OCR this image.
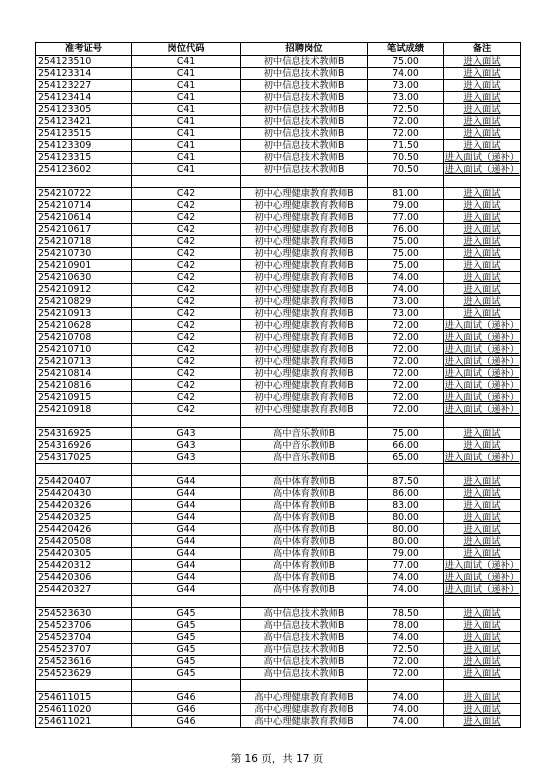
准考证号	岗位代码	招聘岗位	笔试成绩	备注
254123510	C41	初中信息技术教师B	75.00	进入面试
254123314	C41	初中信息技术教师B	74.00	进入面试
254123227	C41	初中信息技术教师B	73.00	进入面试
254123414	C41	初中信息技术教师B	73.00	进入面试
254123305	C41	初中信息技术教师B	72.50	进入面试
254123421	C41	初中信息技术教师B	72.00	进入面试
254123515	C41	初中信息技术教师B	72.00	进入面试
254123309	C41	初中信息技术教师B	71.50	进入面试
254123315	C41	初中信息技术教师B	70.50	进入面试（递补）
254123602	C41	初中信息技术教师B	70.50	进入面试（递补）

254210722	C42	初中心理健康教育教师B	81.00	进入面试
254210714	C42	初中心理健康教育教师B	79.00	进入面试
254210614	C42	初中心理健康教育教师B	77.00	进入面试
254210617	C42	初中心理健康教育教师B	76.00	进入面试
254210718	C42	初中心理健康教育教师B	75.00	进入面试
254210730	C42	初中心理健康教育教师B	75.00	进入面试
254210901	C42	初中心理健康教育教师B	75.00	进入面试
254210630	C42	初中心理健康教育教师B	74.00	进入面试
254210912	C42	初中心理健康教育教师B	74.00	进入面试
254210829	C42	初中心理健康教育教师B	73.00	进入面试
254210913	C42	初中心理健康教育教师B	73.00	进入面试
254210628	C42	初中心理健康教育教师B	72.00	进入面试（递补）
254210708	C42	初中心理健康教育教师B	72.00	进入面试（递补）
254210710	C42	初中心理健康教育教师B	72.00	进入面试（递补）
254210713	C42	初中心理健康教育教师B	72.00	进入面试（递补）
254210814	C42	初中心理健康教育教师B	72.00	进入面试（递补）
254210816	C42	初中心理健康教育教师B	72.00	进入面试（递补）
254210915	C42	初中心理健康教育教师B	72.00	进入面试（递补）
254210918	C42	初中心理健康教育教师B	72.00	进入面试（递补）

254316925	G43	高中音乐教师B	75.00	进入面试
254316926	G43	高中音乐教师B	66.00	进入面试
254317025	G43	高中音乐教师B	65.00	进入面试（递补）

254420407	G44	高中体育教师B	87.50	进入面试
254420430	G44	高中体育教师B	86.00	进入面试
254420326	G44	高中体育教师B	83.00	进入面试
254420325	G44	高中体育教师B	80.00	进入面试
254420426	G44	高中体育教师B	80.00	进入面试
254420508	G44	高中体育教师B	80.00	进入面试
254420305	G44	高中体育教师B	79.00	进入面试
254420312	G44	高中体育教师B	77.00	进入面试（递补）
254420306	G44	高中体育教师B	74.00	进入面试（递补）
254420327	G44	高中体育教师B	74.00	进入面试（递补）

254523630	G45	高中信息技术教师B	78.50	进入面试
254523706	G45	高中信息技术教师B	78.00	进入面试
254523704	G45	高中信息技术教师B	74.00	进入面试
254523707	G45	高中信息技术教师B	72.50	进入面试
254523616	G45	高中信息技术教师B	72.00	进入面试
254523629	G45	高中信息技术教师B	72.00	进入面试

254611015	G46	高中心理健康教育教师B	74.00	进入面试
254611020	G46	高中心理健康教育教师B	74.00	进入面试
254611021	G46	高中心理健康教育教师B	74.00	进入面试
第 16 页，共 17 页
